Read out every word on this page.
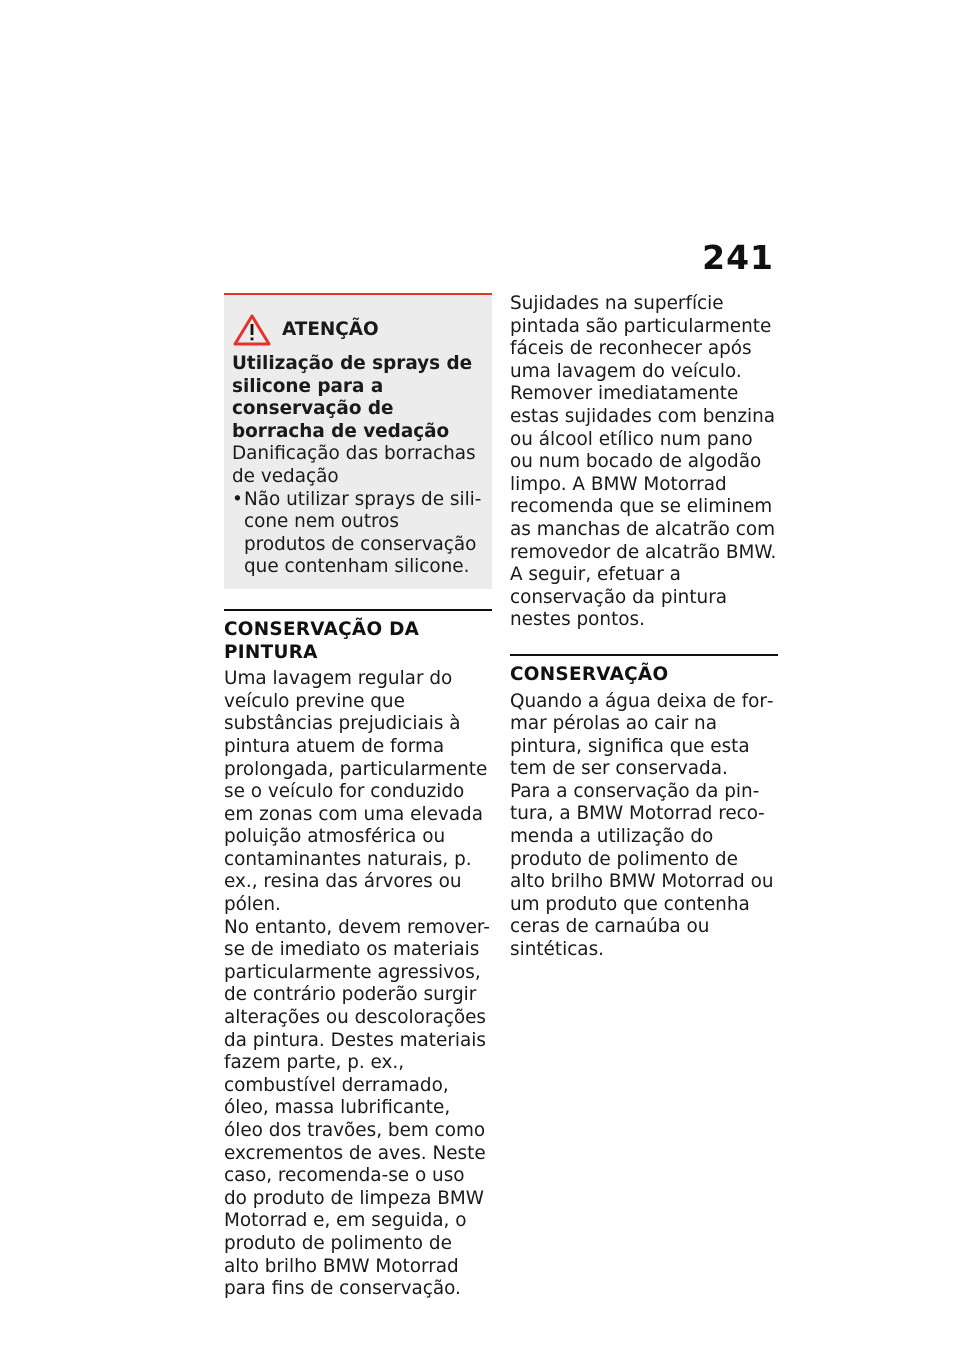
241
ATENÇÃO

Utilização de sprays de silicone para a conservação de borracha de vedação

Danificação das borrachas de vedação

• Não utilizar sprays de silicone nem outros produtos de conservação que contenham silicone.
CONSERVAÇÃO DA PINTURA

Uma lavagem regular do veículo previne que substâncias prejudiciais à pintura atuem de forma prolongada, particularmente se o veículo for conduzido em zonas com uma elevada poluição atmosférica ou contaminantes naturais, p. ex., resina das árvores ou pólen.

No entanto, devem remover-se de imediato os materiais particularmente agressivos, de contrário poderão surgir alterações ou descolorações da pintura. Destes materiais fazem parte, p. ex., combustível derramado, óleo, massa lubrificante, óleo dos travões, bem como excrementos de aves. Neste caso, recomenda-se o uso do produto de limpeza BMW Motorrad e, em seguida, o produto de polimento de alto brilho BMW Motorrad para fins de conservação.

Sujidades na superfície pintada são particularmente fáceis de reconhecer após uma lavagem do veículo. Remover imediatamente estas sujidades com benzina ou álcool etílico num pano ou num bocado de algodão limpo. A BMW Motorrad recomenda que se eliminem as manchas de alcatrão com removedor de alcatrão BMW. A seguir, efetuar a conservação da pintura nestes pontos.

CONSERVAÇÃO

Quando a água deixa de formar pérolas ao cair na pintura, significa que esta tem de ser conservada.

Para a conservação da pintura, a BMW Motorrad recomenda a utilização do produto de polimento de alto brilho BMW Motorrad ou um produto que contenha ceras de carnaúba ou sintéticas.
